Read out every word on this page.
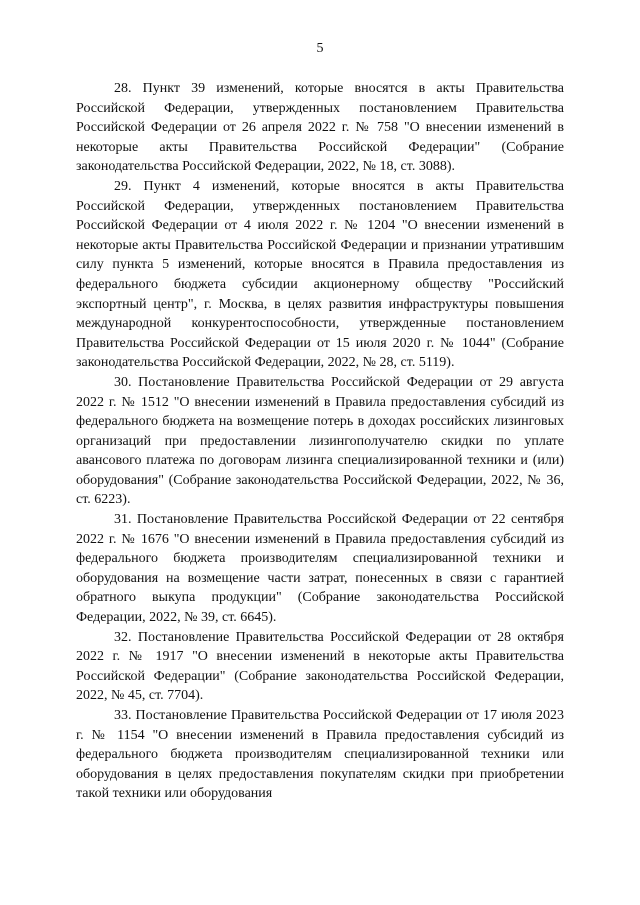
5

28. Пункт 39 изменений, которые вносятся в акты Правительства Российской Федерации, утвержденных постановлением Правительства Российской Федерации от 26 апреля 2022 г. № 758 "О внесении изменений в некоторые акты Правительства Российской Федерации" (Собрание законодательства Российской Федерации, 2022, № 18, ст. 3088).

29. Пункт 4 изменений, которые вносятся в акты Правительства Российской Федерации, утвержденных постановлением Правительства Российской Федерации от 4 июля 2022 г. № 1204 "О внесении изменений в некоторые акты Правительства Российской Федерации и признании утратившим силу пункта 5 изменений, которые вносятся в Правила предоставления из федерального бюджета субсидии акционерному обществу "Российский экспортный центр", г. Москва, в целях развития инфраструктуры повышения международной конкурентоспособности, утвержденные постановлением Правительства Российской Федерации от 15 июля 2020 г. № 1044" (Собрание законодательства Российской Федерации, 2022, № 28, ст. 5119).

30. Постановление Правительства Российской Федерации от 29 августа 2022 г. № 1512 "О внесении изменений в Правила предоставления субсидий из федерального бюджета на возмещение потерь в доходах российских лизинговых организаций при предоставлении лизингополучателю скидки по уплате авансового платежа по договорам лизинга специализированной техники и (или) оборудования" (Собрание законодательства Российской Федерации, 2022, № 36, ст. 6223).

31. Постановление Правительства Российской Федерации от 22 сентября 2022 г. № 1676 "О внесении изменений в Правила предоставления субсидий из федерального бюджета производителям специализированной техники и оборудования на возмещение части затрат, понесенных в связи с гарантией обратного выкупа продукции" (Собрание законодательства Российской Федерации, 2022, № 39, ст. 6645).

32. Постановление Правительства Российской Федерации от 28 октября 2022 г. № 1917 "О внесении изменений в некоторые акты Правительства Российской Федерации" (Собрание законодательства Российской Федерации, 2022, № 45, ст. 7704).

33. Постановление Правительства Российской Федерации от 17 июля 2023 г. № 1154 "О внесении изменений в Правила предоставления субсидий из федерального бюджета производителям специализированной техники или оборудования в целях предоставления покупателям скидки при приобретении такой техники или оборудования
